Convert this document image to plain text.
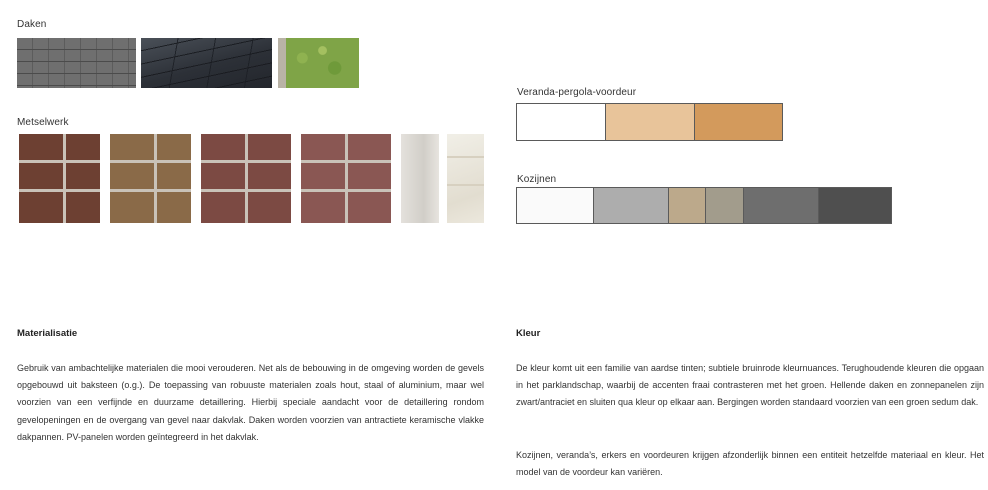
Daken
Metselwerk
Veranda-pergola-voordeur
Kozijnen
Materialisatie

Gebruik van ambachtelijke materialen die mooi verouderen. Net als de bebouwing in de omgeving worden de gevels opgebouwd uit baksteen (o.g.). De toepassing van robuuste materialen zoals hout, staal of aluminium, maar wel voorzien van een verfijnde en duurzame detaillering. Hierbij speciale aandacht voor de detaillering rondom gevelopeningen en de overgang van gevel naar dakvlak. Daken worden voorzien van antractiete keramische vlakke dakpannen. PV-panelen worden geïntegreerd in het dakvlak.

Kleur

De kleur komt uit een familie van aardse tinten; subtiele bruinrode kleurnuances. Terughoudende kleuren die opgaan in het parklandschap, waarbij de accenten fraai contrasteren met het groen. Hellende daken en zonnepanelen zijn zwart/antraciet en sluiten qua kleur op elkaar aan. Bergingen worden standaard voorzien van een groen sedum dak.

Kozijnen, veranda’s, erkers en voordeuren krijgen afzonderlijk binnen een entiteit hetzelfde materiaal en kleur. Het model van de voordeur kan variëren.
